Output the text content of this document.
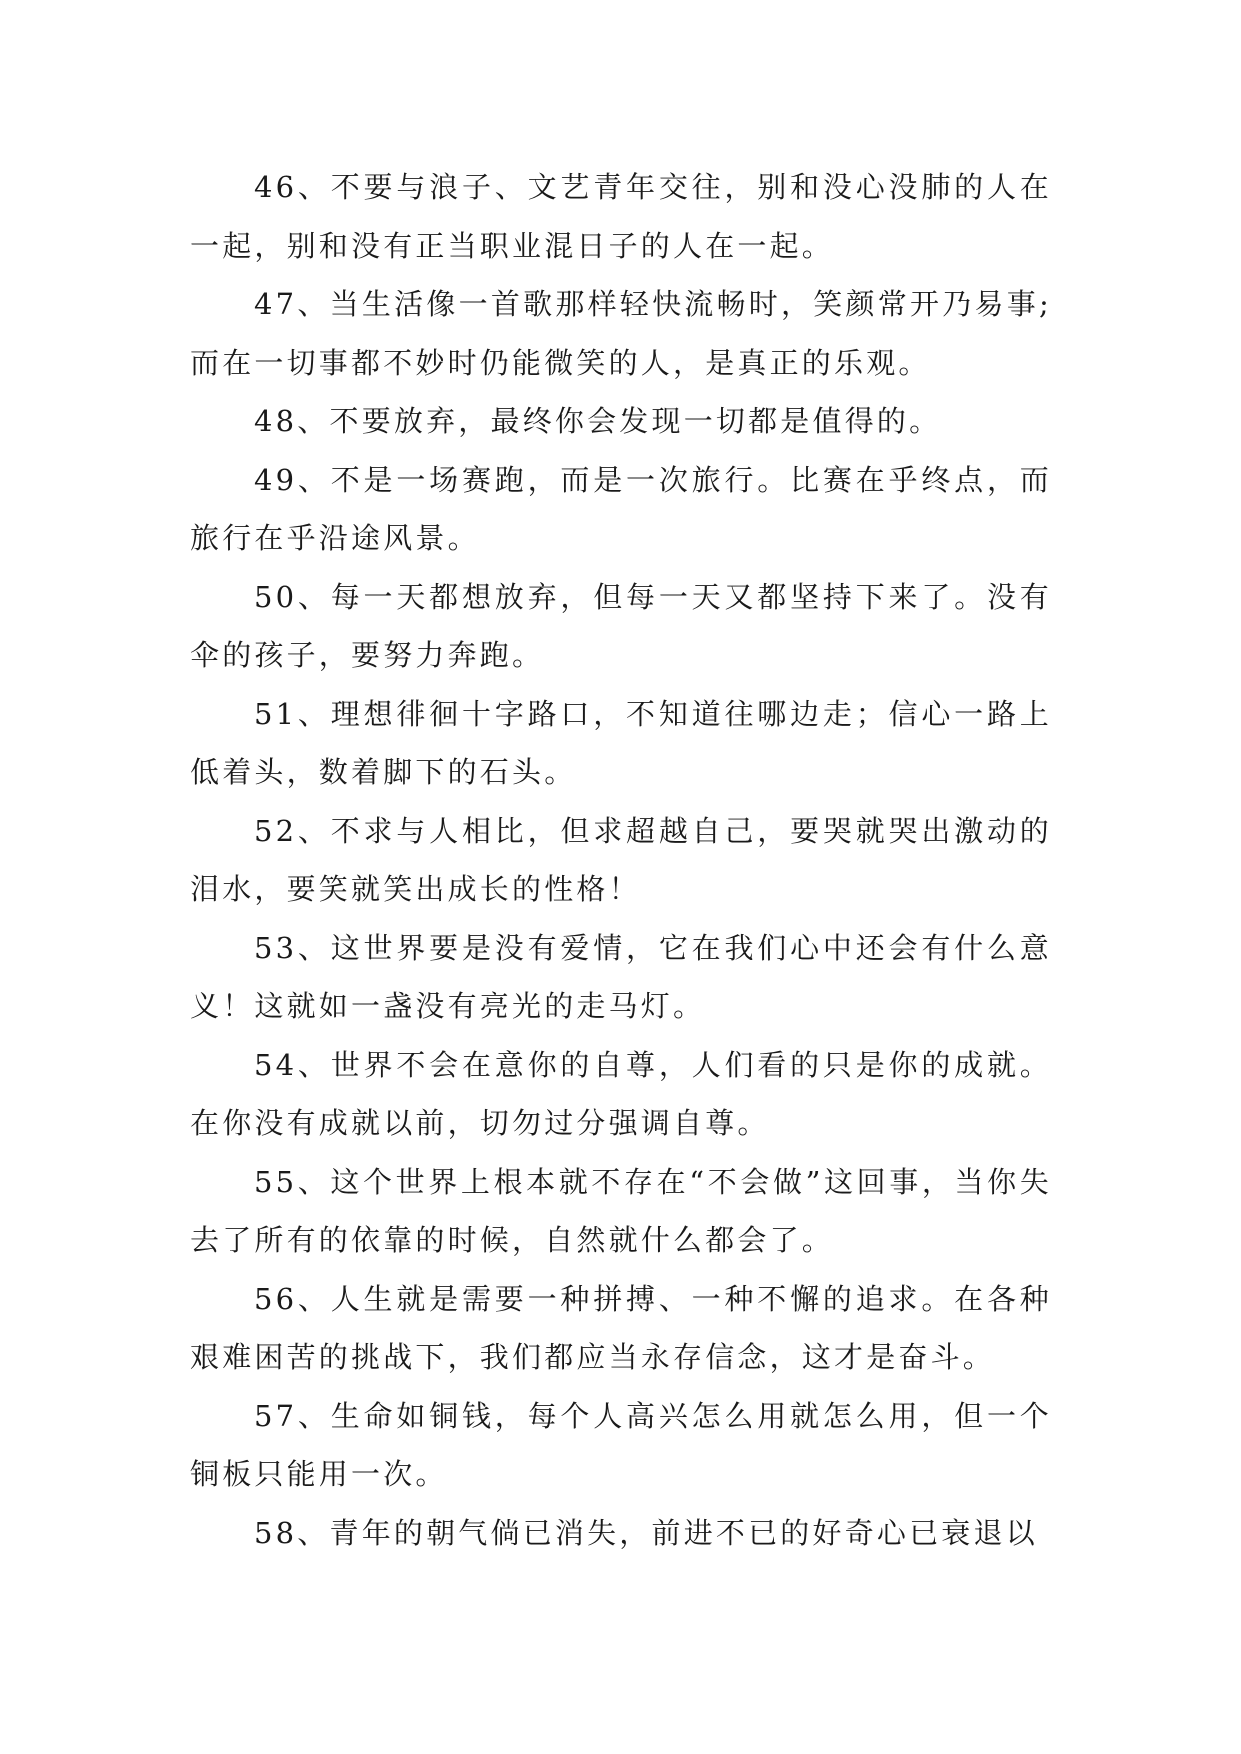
46、不要与浪子、文艺青年交往，别和没心没肺的人在一起，别和没有正当职业混日子的人在一起。

47、当生活像一首歌那样轻快流畅时，笑颜常开乃易事;而在一切事都不妙时仍能微笑的人，是真正的乐观。

48、不要放弃，最终你会发现一切都是值得的。

49、不是一场赛跑，而是一次旅行。比赛在乎终点，而旅行在乎沿途风景。

50、每一天都想放弃，但每一天又都坚持下来了。没有伞的孩子，要努力奔跑。

51、理想徘徊十字路口，不知道往哪边走；信心一路上低着头，数着脚下的石头。

52、不求与人相比，但求超越自己，要哭就哭出激动的泪水，要笑就笑出成长的性格！

53、这世界要是没有爱情，它在我们心中还会有什么意义！这就如一盏没有亮光的走马灯。

54、世界不会在意你的自尊，人们看的只是你的成就。在你没有成就以前，切勿过分强调自尊。

55、这个世界上根本就不存在“不会做”这回事，当你失去了所有的依靠的时候，自然就什么都会了。

56、人生就是需要一种拼搏、一种不懈的追求。在各种艰难困苦的挑战下，我们都应当永存信念，这才是奋斗。

57、生命如铜钱，每个人高兴怎么用就怎么用，但一个铜板只能用一次。

58、青年的朝气倘已消失，前进不已的好奇心已衰退以
